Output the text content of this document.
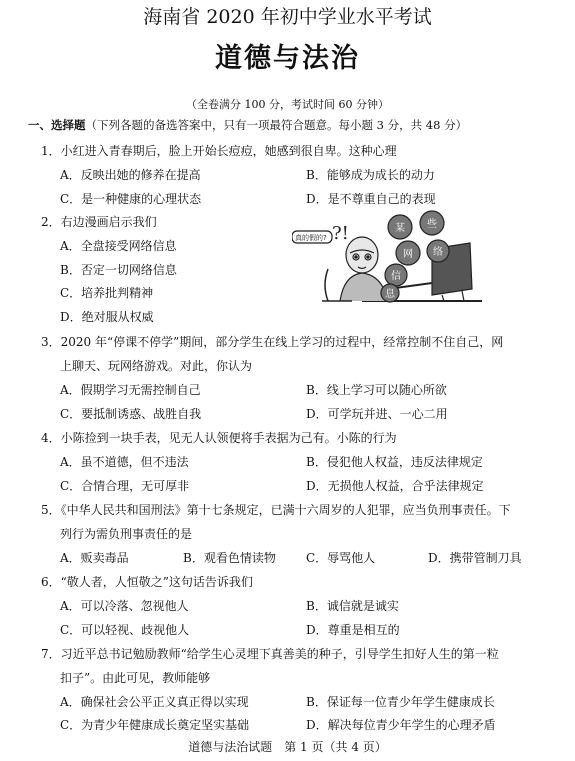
海南省 2020 年初中学业水平考试
道德与法治
（全卷满分 100 分，考试时间 60 分钟）
一、选择题（下列各题的备选答案中，只有一项最符合题意。每小题 3 分，共 48 分）
1．小红进入青春期后，脸上开始长痘痘，她感到很自卑。这种心理
A．反映出她的修养在提高	B．能够成为成长的动力
C．是一种健康的心理状态	D．是不尊重自己的表现
2．右边漫画启示我们
A．全盘接受网络信息
B．否定一切网络信息
C．培养批判精神
D．绝对服从权威
?!
真的假的?
某 些
网 络
信
息
3．2020 年“停课不停学”期间，部分学生在线上学习的过程中，经常控制不住自己，网
上聊天、玩网络游戏。对此，你认为
A．假期学习无需控制自己	B．线上学习可以随心所欲
C．要抵制诱惑、战胜自我	D．可学玩并进、一心二用
4．小陈捡到一块手表，见无人认领便将手表据为己有。小陈的行为
A．虽不道德，但不违法	B．侵犯他人权益，违反法律规定
C．合情合理，无可厚非	D．无损他人权益，合乎法律规定
5．《中华人民共和国刑法》第十七条规定，已满十六周岁的人犯罪，应当负刑事责任。下
列行为需负刑事责任的是
A．贩卖毒品	B．观看色情读物	C．辱骂他人	D．携带管制刀具
6．“敬人者，人恒敬之”这句话告诉我们
A．可以冷落、忽视他人	B．诚信就是诚实
C．可以轻视、歧视他人	D．尊重是相互的
7．习近平总书记勉励教师“给学生心灵埋下真善美的种子，引导学生扣好人生的第一粒
扣子”。由此可见，教师能够
A．确保社会公平正义真正得以实现	B．保证每一位青少年学生健康成长
C．为青少年健康成长奠定坚实基础	D．解决每位青少年学生的心理矛盾
道德与法治试题　第 1 页（共 4 页）
